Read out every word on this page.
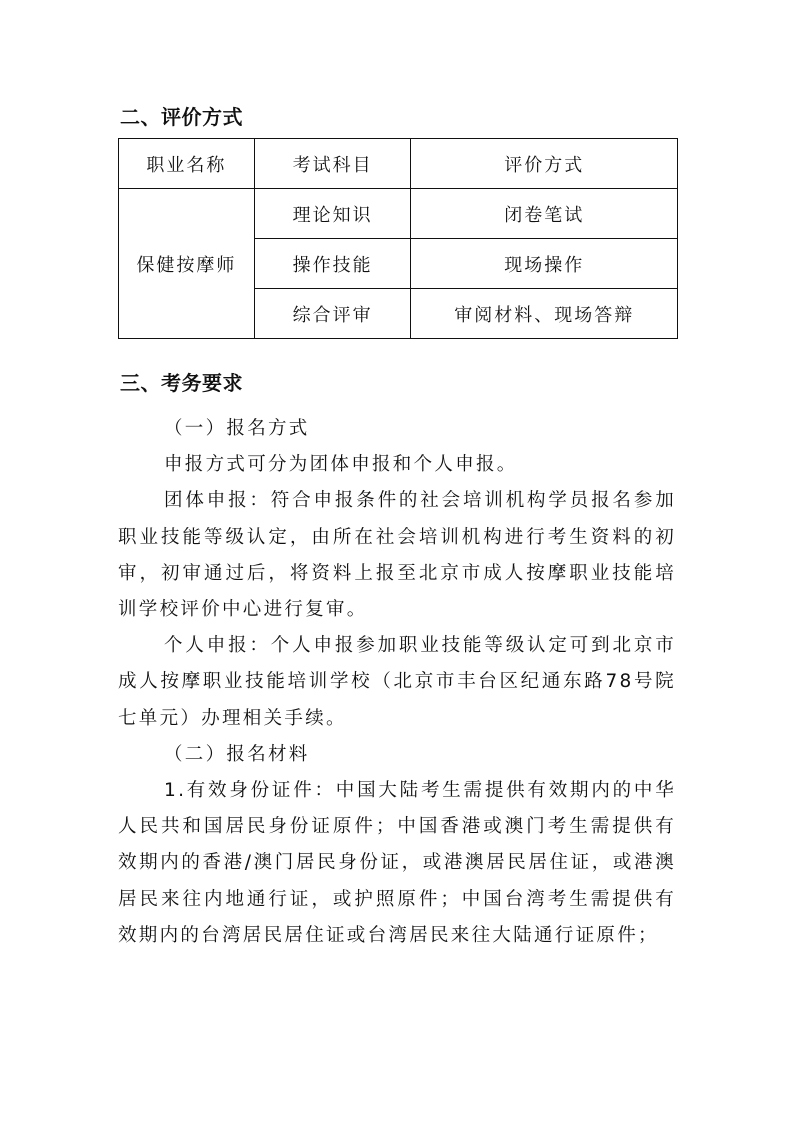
二、评价方式
职业名称	考试科目	评价方式
保健按摩师	理论知识	闭卷笔试
	操作技能	现场操作
	综合评审	审阅材料、现场答辩
三、考务要求

（一）报名方式

申报方式可分为团体申报和个人申报。

团体申报：符合申报条件的社会培训机构学员报名参加职业技能等级认定，由所在社会培训机构进行考生资料的初审，初审通过后，将资料上报至北京市成人按摩职业技能培训学校评价中心进行复审。

个人申报：个人申报参加职业技能等级认定可到北京市成人按摩职业技能培训学校（北京市丰台区纪通东路78号院七单元）办理相关手续。

（二）报名材料

1.有效身份证件：中国大陆考生需提供有效期内的中华人民共和国居民身份证原件；中国香港或澳门考生需提供有效期内的香港/澳门居民身份证，或港澳居民居住证，或港澳居民来往内地通行证，或护照原件；中国台湾考生需提供有效期内的台湾居民居住证或台湾居民来往大陆通行证原件；
